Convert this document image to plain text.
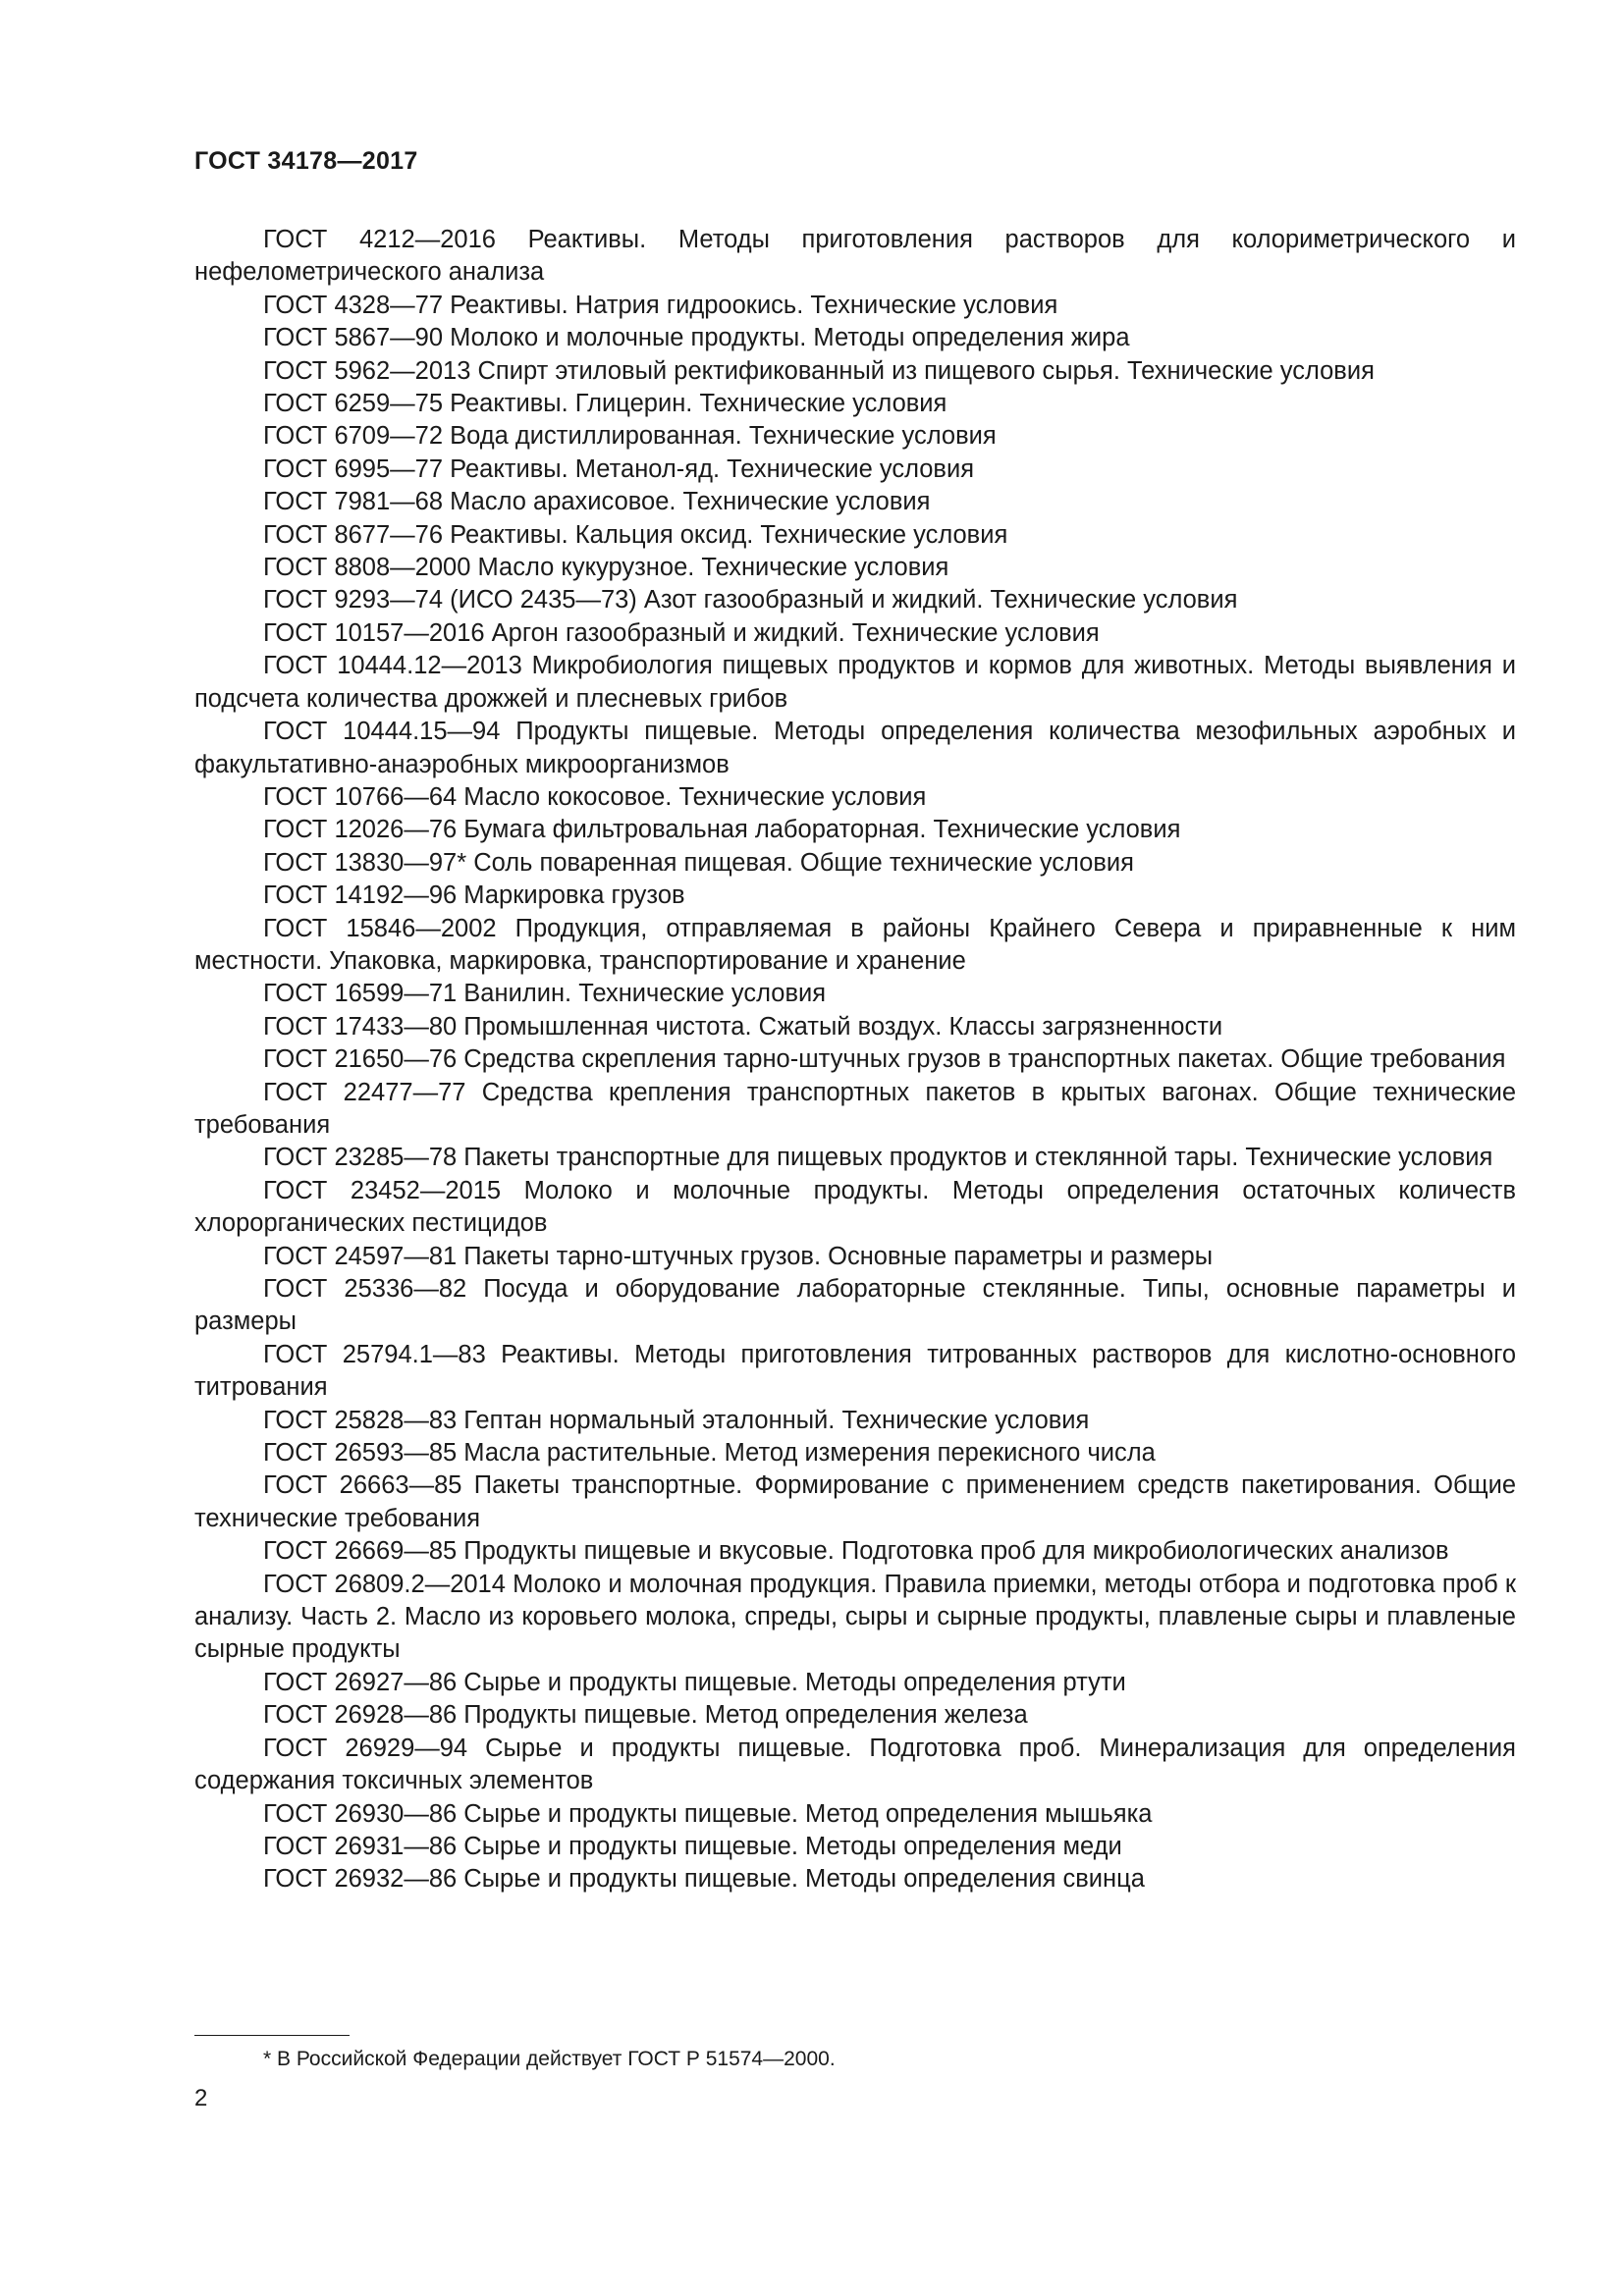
ГОСТ 34178—2017

ГОСТ 4212—2016 Реактивы. Методы приготовления растворов для колориметрического и нефелометрического анализа

ГОСТ 4328—77 Реактивы. Натрия гидроокись. Технические условия

ГОСТ 5867—90 Молоко и молочные продукты. Методы определения жира

ГОСТ 5962—2013 Спирт этиловый ректификованный из пищевого сырья. Технические условия

ГОСТ 6259—75 Реактивы. Глицерин. Технические условия

ГОСТ 6709—72 Вода дистиллированная. Технические условия

ГОСТ 6995—77 Реактивы. Метанол-яд. Технические условия

ГОСТ 7981—68 Масло арахисовое. Технические условия

ГОСТ 8677—76 Реактивы. Кальция оксид. Технические условия

ГОСТ 8808—2000 Масло кукурузное. Технические условия

ГОСТ 9293—74 (ИСО 2435—73) Азот газообразный и жидкий. Технические условия

ГОСТ 10157—2016 Аргон газообразный и жидкий. Технические условия

ГОСТ 10444.12—2013 Микробиология пищевых продуктов и кормов для животных. Методы выявления и подсчета количества дрожжей и плесневых грибов

ГОСТ 10444.15—94 Продукты пищевые. Методы определения количества мезофильных аэробных и факультативно-анаэробных микроорганизмов

ГОСТ 10766—64 Масло кокосовое. Технические условия

ГОСТ 12026—76 Бумага фильтровальная лабораторная. Технические условия

ГОСТ 13830—97* Соль поваренная пищевая. Общие технические условия

ГОСТ 14192—96 Маркировка грузов

ГОСТ 15846—2002 Продукция, отправляемая в районы Крайнего Севера и приравненные к ним местности. Упаковка, маркировка, транспортирование и хранение

ГОСТ 16599—71 Ванилин. Технические условия

ГОСТ 17433—80 Промышленная чистота. Сжатый воздух. Классы загрязненности

ГОСТ 21650—76 Средства скрепления тарно-штучных грузов в транспортных пакетах. Общие требования

ГОСТ 22477—77 Средства крепления транспортных пакетов в крытых вагонах. Общие технические требования

ГОСТ 23285—78 Пакеты транспортные для пищевых продуктов и стеклянной тары. Технические условия

ГОСТ 23452—2015 Молоко и молочные продукты. Методы определения остаточных количеств хлорорганических пестицидов

ГОСТ 24597—81 Пакеты тарно-штучных грузов. Основные параметры и размеры

ГОСТ 25336—82 Посуда и оборудование лабораторные стеклянные. Типы, основные параметры и размеры

ГОСТ 25794.1—83 Реактивы. Методы приготовления титрованных растворов для кислотно-основного титрования

ГОСТ 25828—83 Гептан нормальный эталонный. Технические условия

ГОСТ 26593—85 Масла растительные. Метод измерения перекисного числа

ГОСТ 26663—85 Пакеты транспортные. Формирование с применением средств пакетирования. Общие технические требования

ГОСТ 26669—85 Продукты пищевые и вкусовые. Подготовка проб для микробиологических анализов

ГОСТ 26809.2—2014 Молоко и молочная продукция. Правила приемки, методы отбора и подготовка проб к анализу. Часть 2. Масло из коровьего молока, спреды, сыры и сырные продукты, плавленые сыры и плавленые сырные продукты

ГОСТ 26927—86 Сырье и продукты пищевые. Методы определения ртути

ГОСТ 26928—86 Продукты пищевые. Метод определения железа

ГОСТ 26929—94 Сырье и продукты пищевые. Подготовка проб. Минерализация для определения содержания токсичных элементов

ГОСТ 26930—86 Сырье и продукты пищевые. Метод определения мышьяка

ГОСТ 26931—86 Сырье и продукты пищевые. Методы определения меди

ГОСТ 26932—86 Сырье и продукты пищевые. Методы определения свинца

* В Российской Федерации действует ГОСТ Р 51574—2000.
2
